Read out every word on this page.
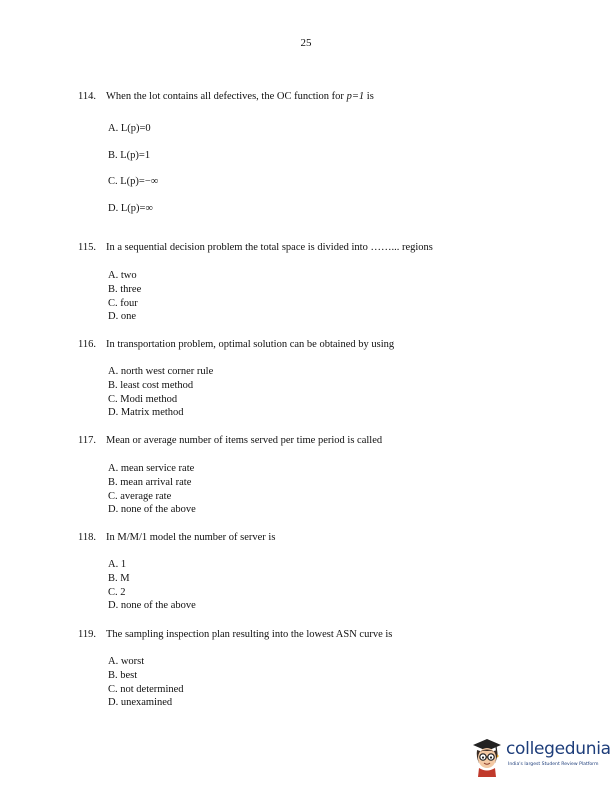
25
114. When the lot contains all defectives, the OC function for p=1 is
A. L(p)=0
B. L(p)=1
C. L(p)=−∞
D. L(p)=∞
115. In a sequential decision problem the total space is divided into ……... regions
A. two
B. three
C. four
D. one
116. In transportation problem, optimal solution can be obtained by using
A. north west corner rule
B. least cost method
C. Modi method
D. Matrix method
117. Mean or average number of items served per time period is called
A. mean service rate
B. mean arrival rate
C. average rate
D. none of the above
118. In M/M/1 model the number of server is
A. 1
B. M
C. 2
D. none of the above
119. The sampling inspection plan resulting into the lowest ASN curve is
A. worst
B. best
C. not determined
D. unexamined
collegedunia
India's largest Student Review Platform
